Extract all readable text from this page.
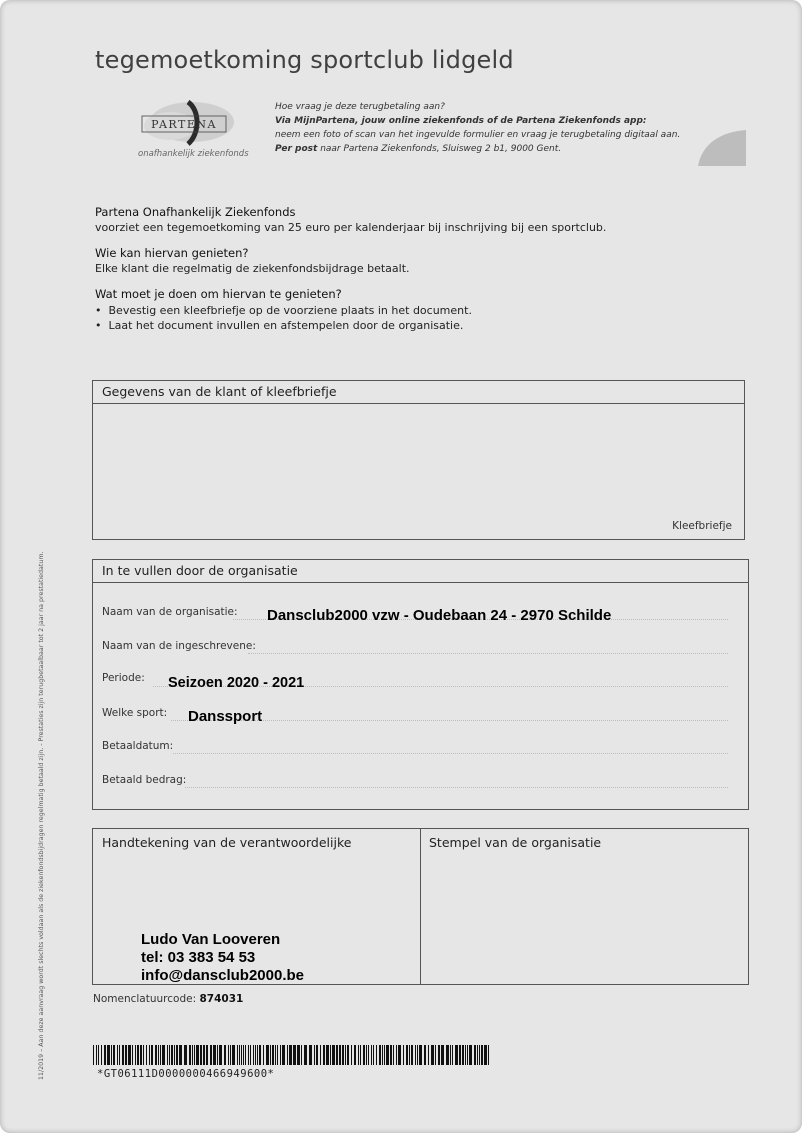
tegemoetkoming sportclub lidgeld
PARTENA
onafhankelijk ziekenfonds
Hoe vraag je deze terugbetaling aan?
Via MijnPartena, jouw online ziekenfonds of de Partena Ziekenfonds app:
neem een foto of scan van het ingevulde formulier en vraag je terugbetaling digitaal aan.
Per post naar Partena Ziekenfonds, Sluisweg 2 b1, 9000 Gent.
Partena Onafhankelijk Ziekenfonds

voorziet een tegemoetkoming van 25 euro per kalenderjaar bij inschrijving bij een sportclub.

Wie kan hiervan genieten?

Elke klant die regelmatig de ziekenfondsbijdrage betaalt.

Wat moet je doen om hiervan te genieten?
• Bevestig een kleefbriefje op de voorziene plaats in het document.
• Laat het document invullen en afstempelen door de organisatie.
Gegevens van de klant of kleefbriefje
Kleefbriefje
In te vullen door de organisatie
Naam van de organisatie: Dansclub2000 vzw - Oudebaan 24 - 2970 Schilde
Naam van de ingeschrevene:
Periode: Seizoen 2020 - 2021
Welke sport: Danssport
Betaaldatum:
Betaald bedrag:
Handtekening van de verantwoordelijke	Stempel van de organisatie
Ludo Van Looveren
tel: 03 383 54 53
info@dansclub2000.be
Nomenclatuurcode: 874031
11/2019 – Aan deze aanvraag wordt slechts voldaan als de ziekenfondsbijdragen regelmatig betaald zijn. - Prestaties zijn terugbetaalbaar tot 2 jaar na prestatiedatum.	*GT06111D0000000466949600*
